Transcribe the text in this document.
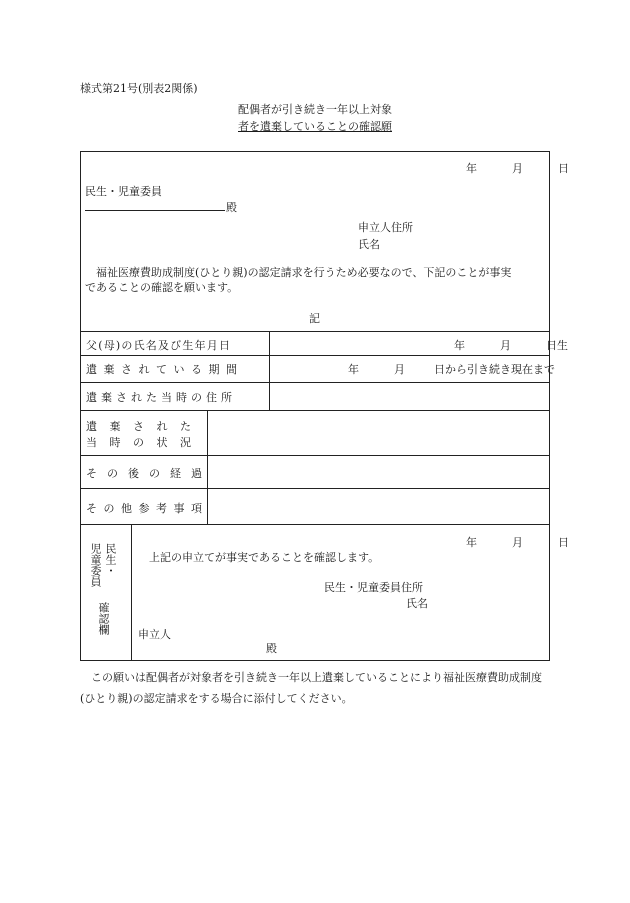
様式第21号(別表2関係)
配偶者が引き続き一年以上対象
者を遺棄していることの確認願
年	月	日
民生・児童委員
殿
申立人住所
氏名
福祉医療費助成制度(ひとり親)の認定請求を行うため必要なので、下記のことが事実
であることの確認を願います。
記
父(母)の氏名及び生年月日	年	月	日生
遺棄されている期間	年	月	日から引き続き現在まで
遺棄された当時の住所
遺棄された
当時の状況
その後の経過
その他参考事項
民生・
児童委員
確認欄
年	月	日
上記の申立てが事実であることを確認します。
民生・児童委員住所
氏名
申立人
殿
この願いは配偶者が対象者を引き続き一年以上遺棄していることにより福祉医療費助成制度(ひとり親)の認定請求をする場合に添付してください。
